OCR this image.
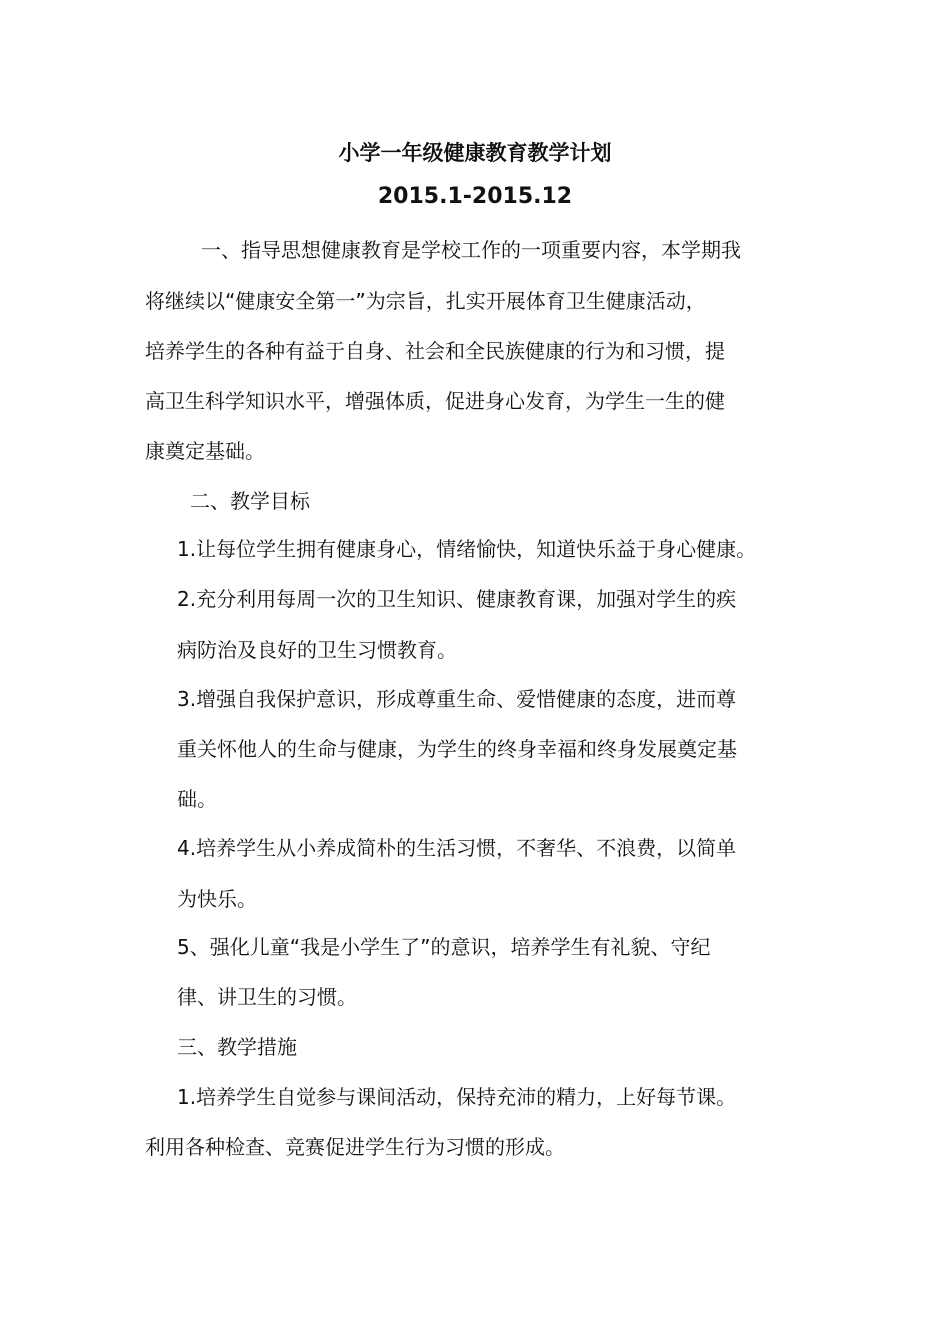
小学一年级健康教育教学计划
2015.1-2015.12
一、指导思想健康教育是学校工作的一项重要内容，本学期我
将继续以“健康安全第一”为宗旨，扎实开展体育卫生健康活动，
培养学生的各种有益于自身、社会和全民族健康的行为和习惯，提
高卫生科学知识水平，增强体质，促进身心发育，为学生一生的健
康奠定基础。
二、教学目标
1.让每位学生拥有健康身心，情绪愉快，知道快乐益于身心健康。
2.充分利用每周一次的卫生知识、健康教育课，加强对学生的疾
病防治及良好的卫生习惯教育。
3.增强自我保护意识，形成尊重生命、爱惜健康的态度，进而尊
重关怀他人的生命与健康，为学生的终身幸福和终身发展奠定基
础。
4.培养学生从小养成简朴的生活习惯，不奢华、不浪费，以简单
为快乐。
5、强化儿童“我是小学生了”的意识，培养学生有礼貌、守纪
律、讲卫生的习惯。
三、教学措施
1.培养学生自觉参与课间活动，保持充沛的精力，上好每节课。
利用各种检查、竞赛促进学生行为习惯的形成。
